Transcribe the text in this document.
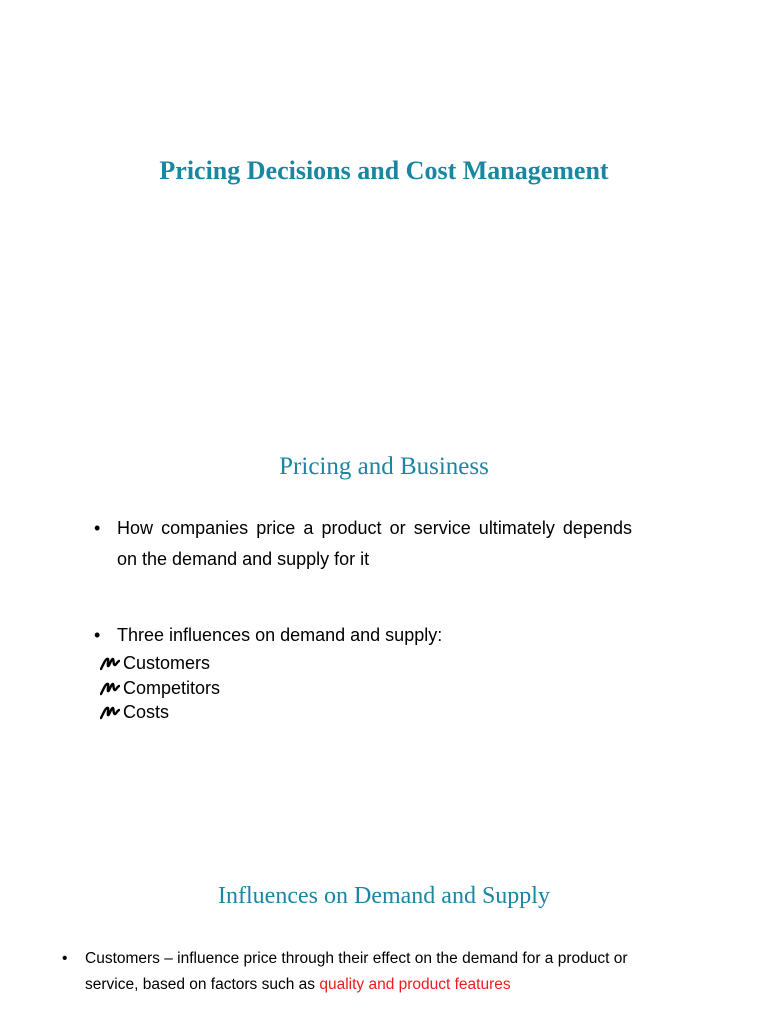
Pricing Decisions and Cost Management
Pricing and Business
• How companies price a product or service ultimately depends on the demand and supply for it
• Three influences on demand and supply:
Customers
Competitors
Costs
Influences on Demand and Supply
• Customers – influence price through their effect on the demand for a product or service, based on factors such as quality and product features
